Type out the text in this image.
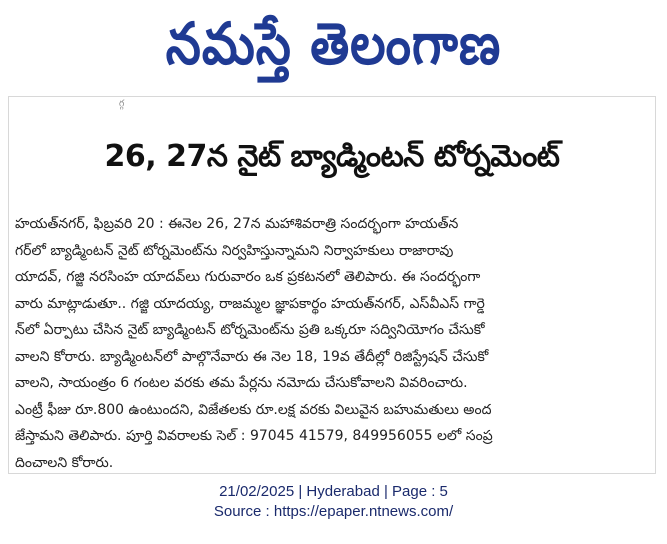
నమస్తే తెలంగాణ
గ్గ
26, 27న నైట్ బ్యాడ్మింటన్ టోర్నమెంట్
హయత్‌నగర్, ఫిబ్రవరి 20 : ఈనెల 26, 27న మహాశివరాత్రి సందర్భంగా హయత్‌న
గర్‌లో బ్యాడ్మింటన్ నైట్ టోర్నమెంట్‌ను నిర్వహిస్తున్నామని నిర్వాహకులు రాజారావు
యాదవ్, గజ్జి నరసింహ యాదవ్‌లు గురువారం ఒక ప్రకటనలో తెలిపారు. ఈ సందర్భంగా
వారు మాట్లాడుతూ.. గజ్జి యాదయ్య, రాజమ్మల జ్ఞాపకార్థం హయత్‌నగర్, ఎస్‌వీఎస్ గార్డె
న్‌లో ఏర్పాటు చేసిన నైట్ బ్యాడ్మింటన్ టోర్నమెంట్‌ను ప్రతి ఒక్కరూ సద్వినియోగం చేసుకో
వాలని కోరారు. బ్యాడ్మింటన్‌లో పాల్గొనేవారు ఈ నెల 18, 19వ తేదీల్లో రిజిస్ట్రేషన్ చేసుకో
వాలని, సాయంత్రం 6 గంటల వరకు తమ పేర్లను నమోదు చేసుకోవాలని వివరించారు.
ఎంట్రీ ఫీజు రూ.800 ఉంటుందని, విజేతలకు రూ.లక్ష వరకు విలువైన బహుమతులు అంద
జేస్తామని తెలిపారు. పూర్తి వివరాలకు సెల్ : 97045 41579, 849956055 లలో సంప్ర
దించాలని కోరారు.
21/02/2025 | Hyderabad | Page : 5
Source : https://epaper.ntnews.com/
